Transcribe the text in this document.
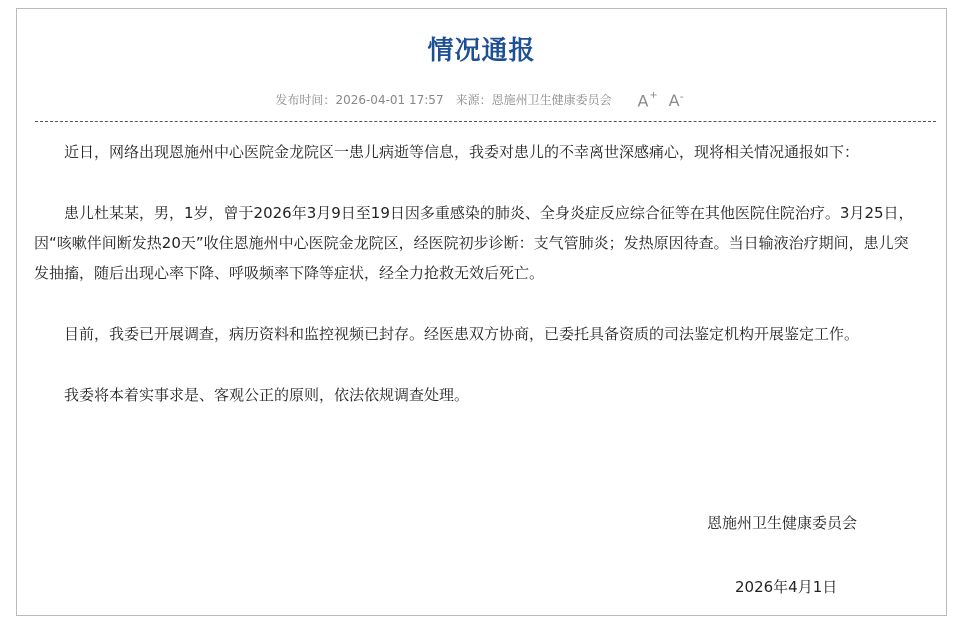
情况通报
发布时间：2026-04-01 17:57 来源：恩施州卫生健康委员会 A+ A -

近日，网络出现恩施州中心医院金龙院区一患儿病逝等信息，我委对患儿的不幸离世深感痛心，现将相关情况通报如下：

患儿杜某某，男，1岁，曾于2026年3月9日至19日因多重感染的肺炎、全身炎症反应综合征等在其他医院住院治疗。3月25日，因“咳嗽伴间断发热20天”收住恩施州中心医院金龙院区，经医院初步诊断：支气管肺炎；发热原因待查。当日输液治疗期间，患儿突发抽搐，随后出现心率下降、呼吸频率下降等症状，经全力抢救无效后死亡。

目前，我委已开展调查，病历资料和监控视频已封存。经医患双方协商，已委托具备资质的司法鉴定机构开展鉴定工作。

我委将本着实事求是、客观公正的原则，依法依规调查处理。

恩施州卫生健康委员会
2026年4月1日
